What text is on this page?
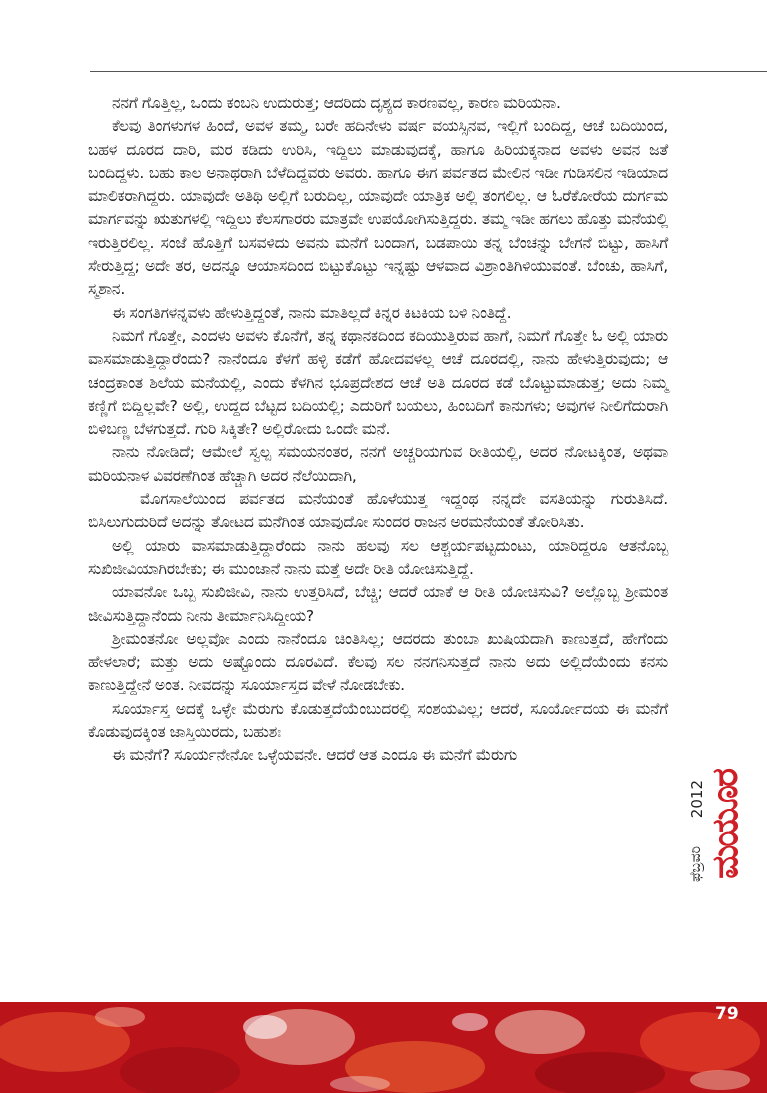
ನನಗೆ ಗೊತ್ತಿಲ್ಲ, ಒಂದು ಕಂಬನಿ ಉದುರುತ್ತ; ಆದರಿದು ದೃಶ್ಯದ ಕಾರಣವಲ್ಲ, ಕಾರಣ ಮರಿಯನಾ.

ಕೆಲವು ತಿಂಗಳುಗಳ ಹಿಂದೆ, ಅವಳ ತಮ್ಮ, ಬರೇ ಹದಿನೇಳು ವರ್ಷ ವಯಸ್ಸಿನವ, ಇಲ್ಲಿಗೆ ಬಂದಿದ್ದ, ಆಚೆ ಬದಿಯಿಂದ, ಬಹಳ ದೂರದ ದಾರಿ, ಮರ ಕಡಿದು ಉರಿಸಿ, ಇದ್ದಿಲು ಮಾಡುವುದಕ್ಕೆ, ಹಾಗೂ ಹಿರಿಯಕ್ಕನಾದ ಅವಳು ಅವನ ಜತೆ ಬಂದಿದ್ದಳು. ಬಹು ಕಾಲ ಅನಾಥರಾಗಿ ಬೆಳೆದಿದ್ದವರು ಅವರು. ಹಾಗೂ ಈಗ ಪರ್ವತದ ಮೇಲಿನ ಇಡೀ ಗುಡಿಸಲಿನ ಇಡಿಯಾದ ಮಾಲಿಕರಾಗಿದ್ದರು. ಯಾವುದೇ ಅತಿಥಿ ಅಲ್ಲಿಗೆ ಬರುದಿಲ್ಲ, ಯಾವುದೇ ಯಾತ್ರಿಕ ಅಲ್ಲಿ ತಂಗಲಿಲ್ಲ. ಆ ಓರೆಕೋರೆಯ ದುರ್ಗಮ ಮಾರ್ಗವನ್ನು ಋತುಗಳಲ್ಲಿ ಇದ್ದಿಲು ಕೆಲಸಗಾರರು ಮಾತ್ರವೇ ಉಪಯೋಗಿಸುತ್ತಿದ್ದರು. ತಮ್ಮ ಇಡೀ ಹಗಲು ಹೊತ್ತು ಮನೆಯಲ್ಲಿ ಇರುತ್ತಿರಲಿಲ್ಲ. ಸಂಜೆ ಹೊತ್ತಿಗೆ ಬಸವಳಿದು ಅವನು ಮನೆಗೆ ಬಂದಾಗ, ಬಡಪಾಯಿ ತನ್ನ ಬೆಂಚನ್ನು ಬೇಗನೆ ಬಿಟ್ಟು, ಹಾಸಿಗೆ ಸೇರುತ್ತಿದ್ದ; ಅದೇ ತರ, ಅದನ್ನೂ ಆಯಾಸದಿಂದ ಬಿಟ್ಟುಕೊಟ್ಟು ಇನ್ನಷ್ಟು ಆಳವಾದ ವಿಶ್ರಾಂತಿಗಿಳಿಯುವಂತೆ. ಬೆಂಚು, ಹಾಸಿಗೆ, ಸ್ಮಶಾನ.

ಈ ಸಂಗತಿಗಳನ್ನವಳು ಹೇಳುತ್ತಿದ್ದಂತೆ, ನಾನು ಮಾತಿಲ್ಲದೆ ಕಿನ್ನರ ಕಿಟಕಿಯ ಬಳಿ ನಿಂತಿದ್ದೆ.

ನಿಮಗೆ ಗೊತ್ತೇ, ಎಂದಳು ಅವಳು ಕೊನೆಗೆ, ತನ್ನ ಕಥಾನಕದಿಂದ ಕದಿಯುತ್ತಿರುವ ಹಾಗೆ, ನಿಮಗೆ ಗೊತ್ತೇ ಓ ಅಲ್ಲಿ ಯಾರು ವಾಸಮಾಡುತ್ತಿದ್ದಾರೆಂದು? ನಾನೆಂದೂ ಕೆಳಗೆ ಹಳ್ಳಿ ಕಡೆಗೆ ಹೋದವಳಲ್ಲ ಆಚೆ ದೂರದಲ್ಲಿ, ನಾನು ಹೇಳುತ್ತಿರುವುದು; ಆ ಚಂದ್ರಕಾಂತ ಶಿಲೆಯ ಮನೆಯಲ್ಲಿ, ಎಂದು ಕೆಳಗಿನ ಭೂಪ್ರದೇಶದ ಆಚೆ ಅತಿ ದೂರದ ಕಡೆ ಬೊಟ್ಟುಮಾಡುತ್ತ; ಅದು ನಿಮ್ಮ ಕಣ್ಣಿಗೆ ಬಿದ್ದಿಲ್ಲವೇ? ಅಲ್ಲಿ, ಉದ್ದದ ಬೆಟ್ಟದ ಬದಿಯಲ್ಲಿ; ಎದುರಿಗೆ ಬಯಲು, ಹಿಂಬದಿಗೆ ಕಾನುಗಳು; ಅವುಗಳ ನೀಲಿಗೆದುರಾಗಿ ಬಿಳಿಬಣ್ಣ ಬೆಳಗುತ್ತದೆ. ಗುರಿ ಸಿಕ್ಕಿತೇ? ಅಲ್ಲಿರೋದು ಒಂದೇ ಮನೆ.

ನಾನು ನೋಡಿದೆ; ಆಮೇಲೆ ಸ್ವಲ್ಪ ಸಮಯನಂತರ, ನನಗೆ ಅಚ್ಚರಿಯಗುವ ರೀತಿಯಲ್ಲಿ, ಅದರ ನೋಟಕ್ಕಿಂತ, ಅಥವಾ ಮರಿಯನಾಳ ವಿವರಣೆಗಿಂತ ಹೆಚ್ಚಾಗಿ ಅದರ ನೆಲೆಯಿದಾಗಿ,

ಮೊಗಸಾಲೆಯಿಂದ ಪರ್ವತದ ಮನೆಯಂತೆ ಹೊಳೆಯುತ್ತ ಇದ್ದಂಥ ನನ್ನದೇ ವಸತಿಯನ್ನು ಗುರುತಿಸಿದೆ. ಬಿಸಿಲುಗುದುರಿದೆ ಅದನ್ನು ತೋಟದ ಮನೆಗಿಂತ ಯಾವುದೋ ಸುಂದರ ರಾಜನ ಅರಮನೆಯಂತೆ ತೋರಿಸಿತು.

ಅಲ್ಲಿ ಯಾರು ವಾಸಮಾಡುತ್ತಿದ್ದಾರೆಂದು ನಾನು ಹಲವು ಸಲ ಆಶ್ಚರ್ಯಪಟ್ಟದುಂಟು, ಯಾರಿದ್ದರೂ ಆತನೊಬ್ಬ ಸುಖಿಜೀವಿಯಾಗಿರಬೇಕು; ಈ ಮುಂಜಾನೆ ನಾನು ಮತ್ತೆ ಅದೇ ರೀತಿ ಯೋಚಿಸುತ್ತಿದ್ದೆ.

ಯಾವನೋ ಒಬ್ಬ ಸುಖಿಜೀವಿ, ನಾನು ಉತ್ತರಿಸಿದೆ, ಬೆಚ್ಚಿ; ಆದರೆ ಯಾಕೆ ಆ ರೀತಿ ಯೋಚಿಸುವಿ? ಅಲ್ಲೊಬ್ಬ ಶ್ರೀಮಂತ ಜೀವಿಸುತ್ತಿದ್ದಾನೆಂದು ನೀನು ತೀರ್ಮಾನಿಸಿದ್ದೀಯ?

ಶ್ರೀಮಂತನೋ ಅಲ್ಲವೋ ಎಂದು ನಾನೆಂದೂ ಚಿಂತಿಸಿಲ್ಲ; ಆದರದು ತುಂಬಾ ಖುಷಿಯದಾಗಿ ಕಾಣುತ್ತದೆ, ಹೇಗೆಂದು ಹೇಳಲಾರೆ; ಮತ್ತು ಅದು ಅಷ್ಟೊಂದು ದೂರವಿದೆ. ಕೆಲವು ಸಲ ನನಗನಿಸುತ್ತದೆ ನಾನು ಅದು ಅಲ್ಲಿದೆಯೆಂದು ಕನಸು ಕಾಣುತ್ತಿದ್ದೇನೆ ಅಂತ. ನೀವದನ್ನು ಸೂರ್ಯಾಸ್ತದ ವೇಳೆ ನೋಡಬೇಕು.

ಸೂರ್ಯಾಸ್ತ ಅದಕ್ಕೆ ಒಳ್ಳೇ ಮೆರುಗು ಕೊಡುತ್ತದೆಯೆಂಬುದರಲ್ಲಿ ಸಂಶಯವಿಲ್ಲ; ಆದರೆ, ಸೂರ್ಯೋದಯ ಈ ಮನೆಗೆ ಕೊಡುವುದಕ್ಕಿಂತ ಜಾಸ್ತಿಯಿರದು, ಬಹುಶಃ

ಈ ಮನೆಗೆ? ಸೂರ್ಯನೇನೋ ಒಳ್ಳೆಯವನೇ. ಆದರೆ ಆತ ಎಂದೂ ಈ ಮನೆಗೆ ಮೆರುಗು

2012
ಫೆಬ್ರವರಿ ಮಯೂರ
79
